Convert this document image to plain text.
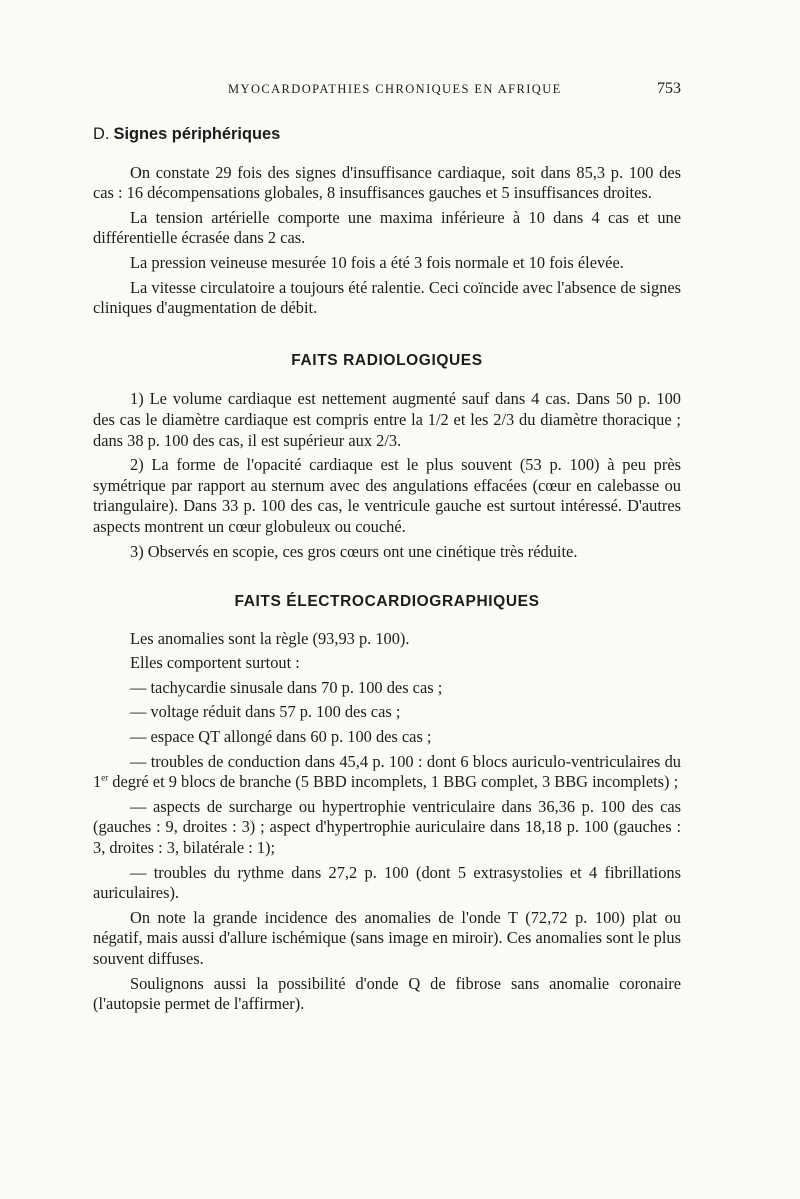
MYOCARDOPATHIES CHRONIQUES EN AFRIQUE	753

D. Signes périphériques

On constate 29 fois des signes d'insuffisance cardiaque, soit dans 85,3 p. 100 des cas : 16 décompensations globales, 8 insuffisances gauches et 5 insuffisances droites.

La tension artérielle comporte une maxima inférieure à 10 dans 4 cas et une différentielle écrasée dans 2 cas.

La pression veineuse mesurée 10 fois a été 3 fois normale et 10 fois élevée.

La vitesse circulatoire a toujours été ralentie. Ceci coïncide avec l'absence de signes cliniques d'augmentation de débit.

FAITS RADIOLOGIQUES

1) Le volume cardiaque est nettement augmenté sauf dans 4 cas. Dans 50 p. 100 des cas le diamètre cardiaque est compris entre la 1/2 et les 2/3 du diamètre thoracique ; dans 38 p. 100 des cas, il est supérieur aux 2/3.

2) La forme de l'opacité cardiaque est le plus souvent (53 p. 100) à peu près symétrique par rapport au sternum avec des angulations effacées (cœur en calebasse ou triangulaire). Dans 33 p. 100 des cas, le ventricule gauche est surtout intéressé. D'autres aspects montrent un cœur globuleux ou couché.

3) Observés en scopie, ces gros cœurs ont une cinétique très réduite.

FAITS ÉLECTROCARDIOGRAPHIQUES

Les anomalies sont la règle (93,93 p. 100).

Elles comportent surtout :

— tachycardie sinusale dans 70 p. 100 des cas ;

— voltage réduit dans 57 p. 100 des cas ;

— espace QT allongé dans 60 p. 100 des cas ;

— troubles de conduction dans 45,4 p. 100 : dont 6 blocs auriculo-ventriculaires du 1er degré et 9 blocs de branche (5 BBD incomplets, 1 BBG complet, 3 BBG incomplets) ;

— aspects de surcharge ou hypertrophie ventriculaire dans 36,36 p. 100 des cas (gauches : 9, droites : 3) ; aspect d'hypertrophie auriculaire dans 18,18 p. 100 (gauches : 3, droites : 3, bilatérale : 1);

— troubles du rythme dans 27,2 p. 100 (dont 5 extrasystolies et 4 fibrillations auriculaires).

On note la grande incidence des anomalies de l'onde T (72,72 p. 100) plat ou négatif, mais aussi d'allure ischémique (sans image en miroir). Ces anomalies sont le plus souvent diffuses.

Soulignons aussi la possibilité d'onde Q de fibrose sans anomalie coronaire (l'autopsie permet de l'affirmer).
